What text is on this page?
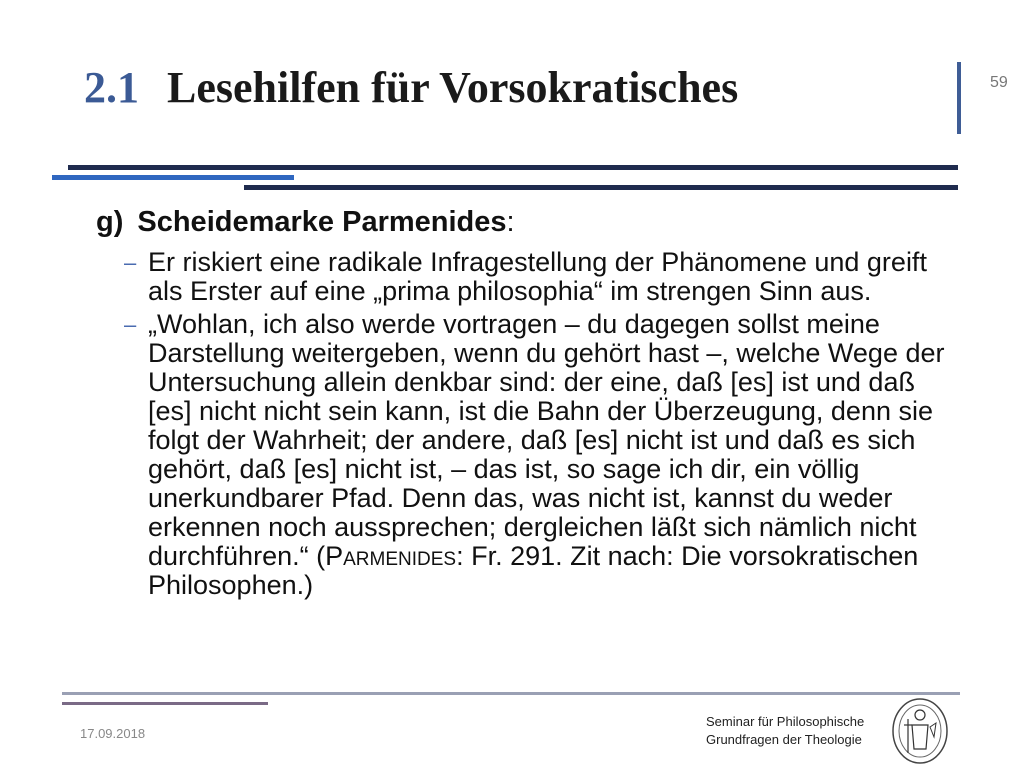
2.1 Lesehilfen für Vorsokratisches	59
g) Scheidemarke Parmenides:
– Er riskiert eine radikale Infragestellung der Phänomene und greift als Erster auf eine „prima philosophia“ im strengen Sinn aus.
– „Wohlan, ich also werde vortragen – du dagegen sollst meine Darstellung weitergeben, wenn du gehört hast –, welche Wege der Untersuchung allein denkbar sind: der eine, daß [es] ist und daß [es] nicht nicht sein kann, ist die Bahn der Überzeugung, denn sie folgt der Wahrheit; der andere, daß [es] nicht ist und daß es sich gehört, daß [es] nicht ist, – das ist, so sage ich dir, ein völlig unerkundbarer Pfad. Denn das, was nicht ist, kannst du weder erkennen noch aussprechen; dergleichen läßt sich nämlich nicht durchführen.“ (Parmenides: Fr. 291. Zit nach: Die vorsokratischen Philosophen.)
17.09.2018
Seminar für Philosophische
Grundfragen der Theologie
